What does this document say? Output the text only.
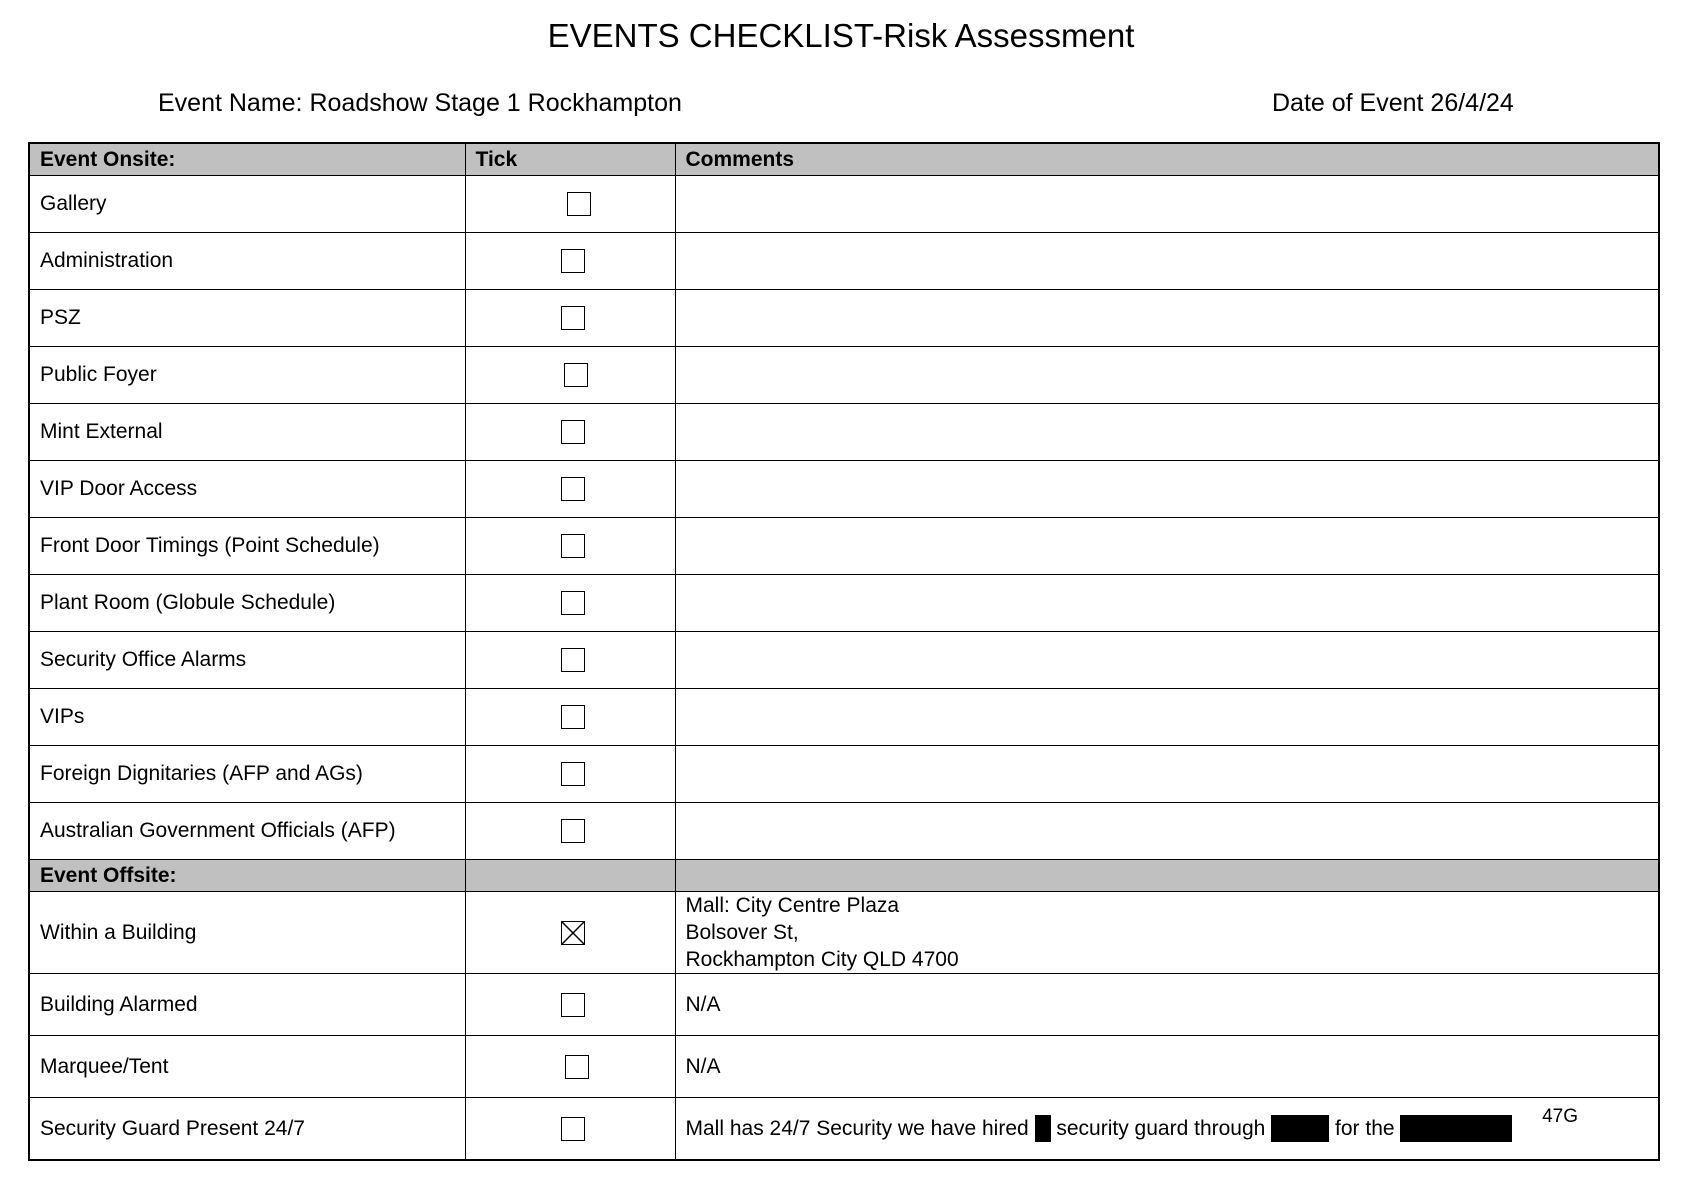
EVENTS CHECKLIST-Risk Assessment
Event Name: Roadshow Stage 1 Rockhampton	Date of Event 26/4/24
Event Onsite:	Tick	Comments
Gallery	

Administration	

PSZ	

Public Foyer	

Mint External	

VIP Door Access	

Front Door Timings (Point Schedule)	

Plant Room (Globule Schedule)	

Security Office Alarms	

VIPs	

Foreign Dignitaries (AFP and AGs)	

Australian Government Officials (AFP)	

Event Offsite:		
Within a Building		Mall: City Centre Plaza
Bolsover St,
Rockhampton City QLD 4700

Building Alarmed		N/A

Marquee/Tent		N/A

Security Guard Present 24/7		Mall has 24/7 Security we have hired security guard through for the
47G
